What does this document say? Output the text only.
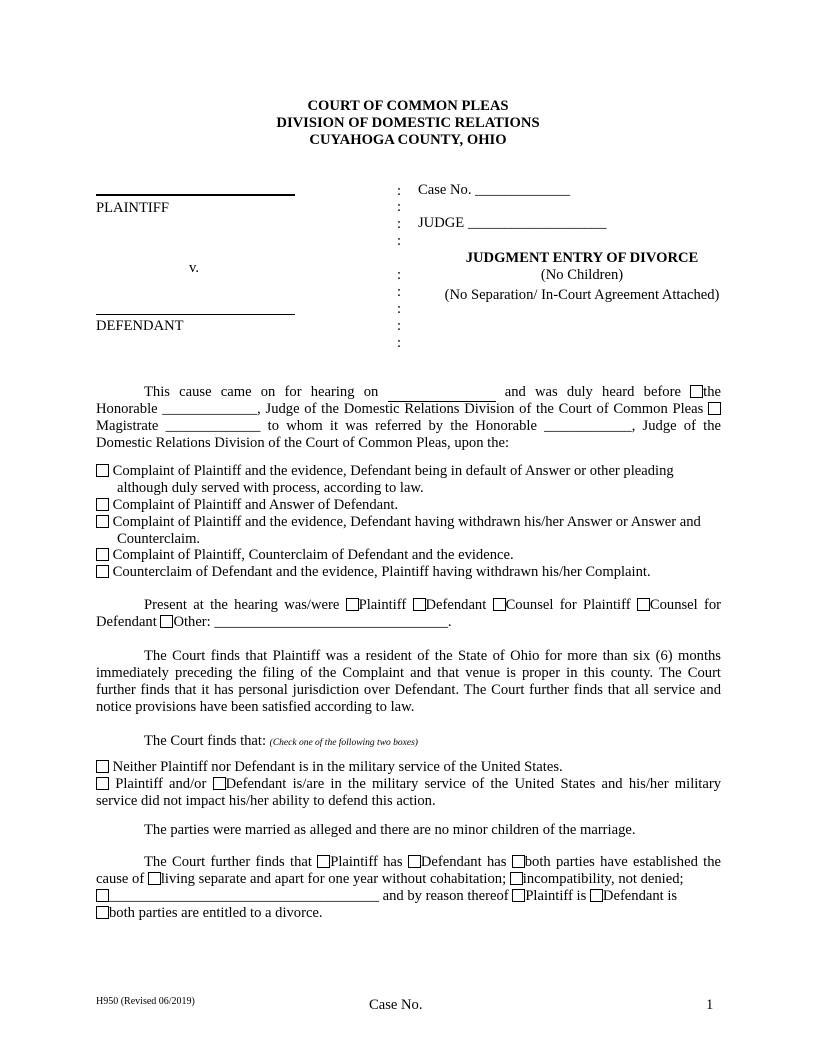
COURT OF COMMON PLEAS
DIVISION OF DOMESTIC RELATIONS
CUYAHOGA COUNTY, OHIO
PLAINTIFF
v.
DEFENDANT
:
:
:
:
:
:
:
:
:
Case No. _____________
JUDGE ___________________
JUDGMENT ENTRY OF DIVORCE
(No Children)
(No Separation/ In-Court Agreement Attached)
This cause came on for hearing on	and was duly heard before the
Honorable _____________, Judge of the Domestic Relations Division of the Court of Common Pleas
Magistrate _____________ to whom it was referred by the Honorable ____________, Judge of the
Domestic Relations Division of the Court of Common Pleas, upon the:
Complaint of Plaintiff and the evidence, Defendant being in default of Answer or other pleading
although duly served with process, according to law.
Complaint of Plaintiff and Answer of Defendant.
Complaint of Plaintiff and the evidence, Defendant having withdrawn his/her Answer or Answer and
Counterclaim.
Complaint of Plaintiff, Counterclaim of Defendant and the evidence.
Counterclaim of Defendant and the evidence, Plaintiff having withdrawn his/her Complaint.
Present at the hearing was/were Plaintiff Defendant Counsel for Plaintiff Counsel for
Defendant Other: ________________________________.
The Court finds that Plaintiff was a resident of the State of Ohio for more than six (6) months
immediately preceding the filing of the Complaint and that venue is proper in this county. The Court
further finds that it has personal jurisdiction over Defendant. The Court further finds that all service and
notice provisions have been satisfied according to law.
The Court finds that: (Check one of the following two boxes)
Neither Plaintiff nor Defendant is in the military service of the United States.
Plaintiff and/or Defendant is/are in the military service of the United States and his/her military
service did not impact his/her ability to defend this action.
The parties were married as alleged and there are no minor children of the marriage.
The Court further finds that Plaintiff has Defendant has both parties have established the
cause of living separate and apart for one year without cohabitation; incompatibility, not denied;
_____________________________________ and by reason thereof Plaintiff is Defendant is
both parties are entitled to a divorce.
H950 (Revised 06/2019)	Case No.	1
